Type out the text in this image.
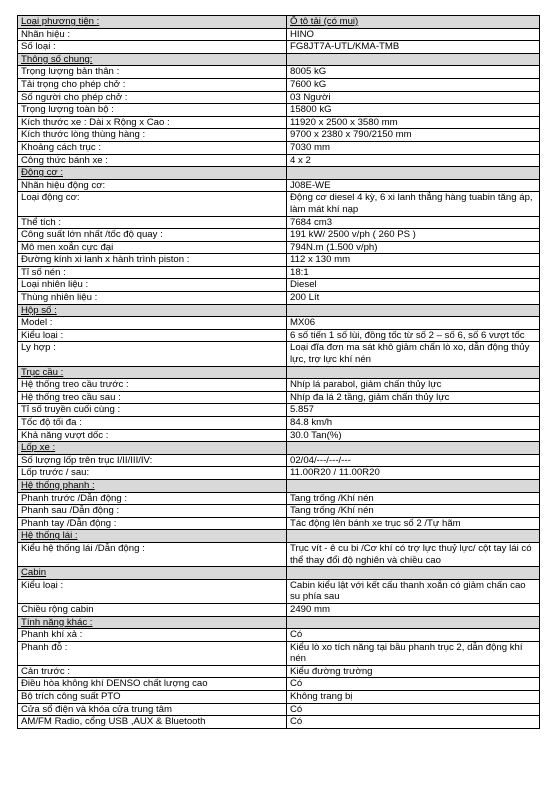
Loại phương tiện :	Ô tô tải (có mui)
Nhãn hiệu :	HINO
Số loại :	FG8JT7A-UTL/KMA-TMB
Thông số chung:	
Trọng lượng bản thân :	8005 kG
Tải trọng cho phép chở :	7600 kG
Số người cho phép chở :	03 Người
Trọng lượng toàn bộ :	15800 kG
Kích thước xe : Dài x Rộng x Cao :	11920 x 2500 x 3580 mm
Kích thước lòng thùng hàng :	9700 x 2380 x 790/2150 mm
Khoảng cách trục :	7030 mm
Công thức bánh xe :	4 x 2
Động cơ :	
Nhãn hiệu động cơ:	J08E-WE
Loại động cơ:	Động cơ diesel 4 kỳ, 6 xi lanh thẳng hàng tuabin tăng áp, làm mát khí nạp
Thể tích :	7684 cm3
Công suất lớn nhất /tốc độ quay :	191 kW/ 2500 v/ph ( 260 PS )
Mô men xoắn cực đại	794N.m (1.500 v/ph)
Đường kính xi lanh x hành trình piston :	112 x 130 mm
Tỉ số nén :	18:1
Loại nhiên liệu :	Diesel
Thùng nhiên liệu :	200 Lít
Hộp số :	
Model :	MX06
Kiểu loại :	6 số tiến 1 số lùi, đồng tốc từ số 2 – số 6, số 6 vượt tốc
Ly hợp :	Loại đĩa đơn ma sát khô giảm chấn lò xo, dẫn động thủy lực, trợ lực khí nén
Trục cầu :	
Hệ thống treo cầu trước :	Nhíp lá parabol, giảm chấn thủy lực
Hệ thống treo cầu sau :	Nhíp đa lá 2 tầng, giảm chấn thủy lực
Tỉ số truyền cuối cùng :	5.857
Tốc độ tối đa :	84.8 km/h
Khả năng vượt dốc :	30.0 Tan(%)
Lốp xe :	
Số lượng lốp trên trục I/II/III/IV:	02/04/---/---/---
Lốp trước / sau:	11.00R20 / 11.00R20
Hệ thống phanh :	
Phanh trước /Dẫn động :	Tang trống /Khí nén
Phanh sau /Dẫn động :	Tang trống /Khí nén
Phanh tay /Dẫn động :	Tác động lên bánh xe trục số 2 /Tự hãm
Hệ thống lái :	
Kiểu hệ thống lái /Dẫn động :	Trục vít - ê cu bi /Cơ khí có trợ lực thuỷ lực/ cột tay lái có thể thay đổi độ nghiên và chiều cao
Cabin	
Kiểu loại :	Cabin kiểu lật với kết cấu thanh xoắn có giảm chấn cao su phía sau
Chiều rộng cabin	2490 mm
Tính năng khác :	
Phanh khí xả :	Có
Phanh đỗ :	Kiểu lò xo tích năng tại bầu phanh trục 2, dẫn động khí nén
Cản trước :	Kiểu đường trường
Điều hòa không khí DENSO chất lượng cao	Có
Bộ trích công suất PTO	Không trang bị
Cửa sổ điện và khóa cửa trung tâm	Có
AM/FM Radio, cổng USB ,AUX & Bluetooth	Có
